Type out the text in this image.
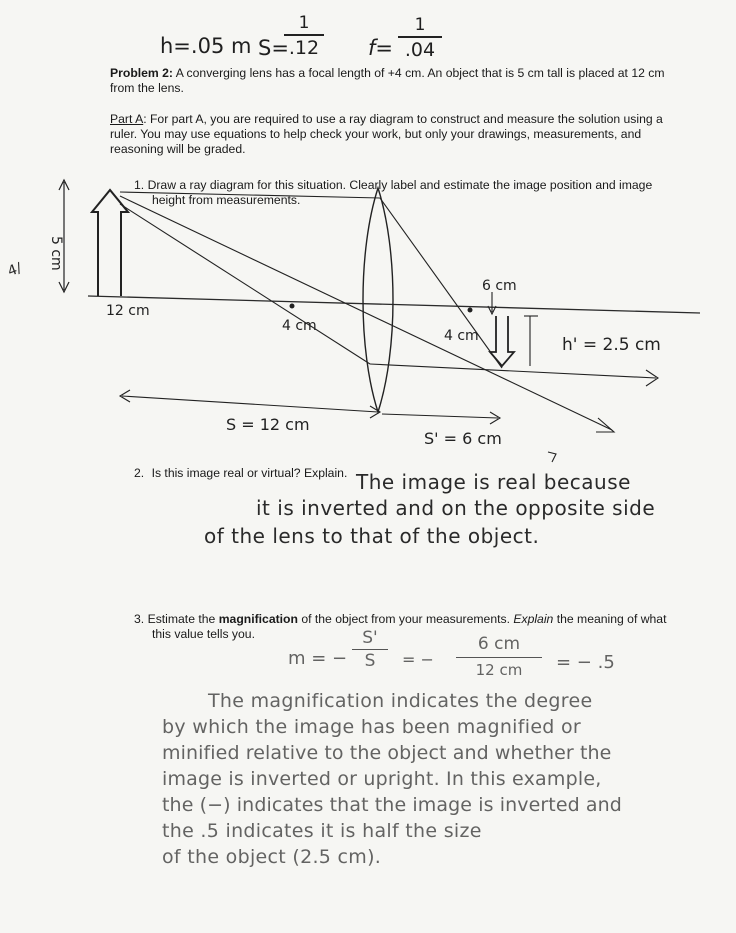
h=.05 m S=
1
.12 f=
1
.04
Problem 2: A converging lens has a focal length of +4 cm. An object that is 5 cm tall is placed at 12 cm
from the lens.
Part A: For part A, you are required to use a ray diagram to construct and measure the solution using a
ruler. You may use equations to help check your work, but only your drawings, measurements, and
reasoning will be graded.
1. Draw a ray diagram for this situation. Clearly label and estimate the image position and image
height from measurements.
5 cm
12 cm
4 cm
4 cm
6 cm
h' = 2.5 cm
S = 12 cm
S' = 6 cm
4/
2. Is this image real or virtual? Explain. The image is real because
it is inverted and on the opposite side
of the lens to that of the object.
3. Estimate the magnification of the object from your measurements. Explain the meaning of what
this value tells you.
m = −
S'
S	= −
6 cm
12 cm	= − .5
The magnification indicates the degree
by which the image has been magnified or
minified relative to the object and whether the
image is inverted or upright. In this example,
the (−) indicates that the image is inverted and
the .5 indicates it is half the size
of the object (2.5 cm).
